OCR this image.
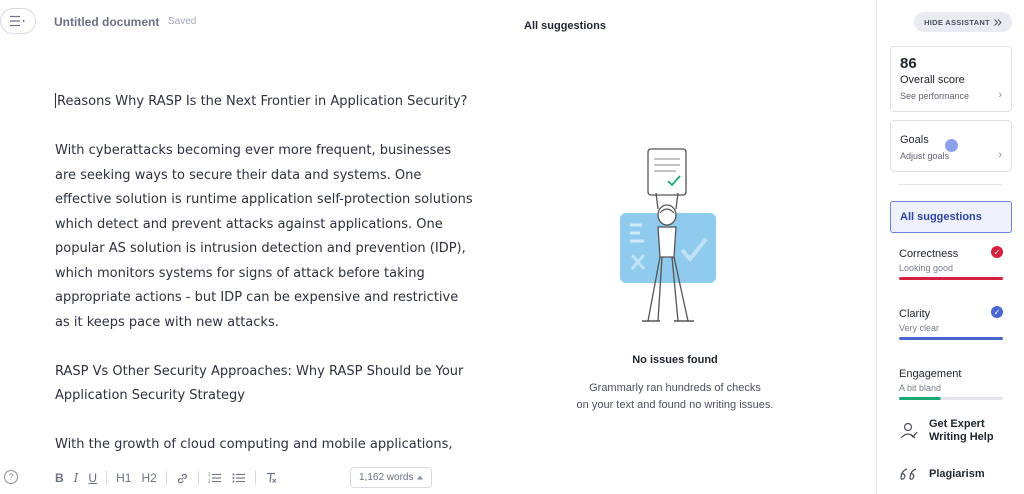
Untitled document Saved	All suggestions

Reasons Why RASP Is the Next Frontier in Application Security?

With cyberattacks becoming ever more frequent, businesses are seeking ways to secure their data and systems. One effective solution is runtime application self-protection solutions which detect and prevent attacks against applications. One popular AS solution is intrusion detection and prevention (IDP), which monitors systems for signs of attack before taking appropriate actions - but IDP can be expensive and restrictive as it keeps pace with new attacks.

RASP Vs Other Security Approaches: Why RASP Should be Your Application Security Strategy

With the growth of cloud computing and mobile applications,

?	B I U	H1 H2	1
2	1,162 words
No issues found
Grammarly ran hundreds of checks
on your text and found no writing issues.
HIDE ASSISTANT
86
Overall score
See performance	›
Goals
Adjust goals	›
All suggestions
Correctness
Looking good
✓
Clarity
Very clear
✓
Engagement
A bit bland
Get Expert
Writing Help
Plagiarism
